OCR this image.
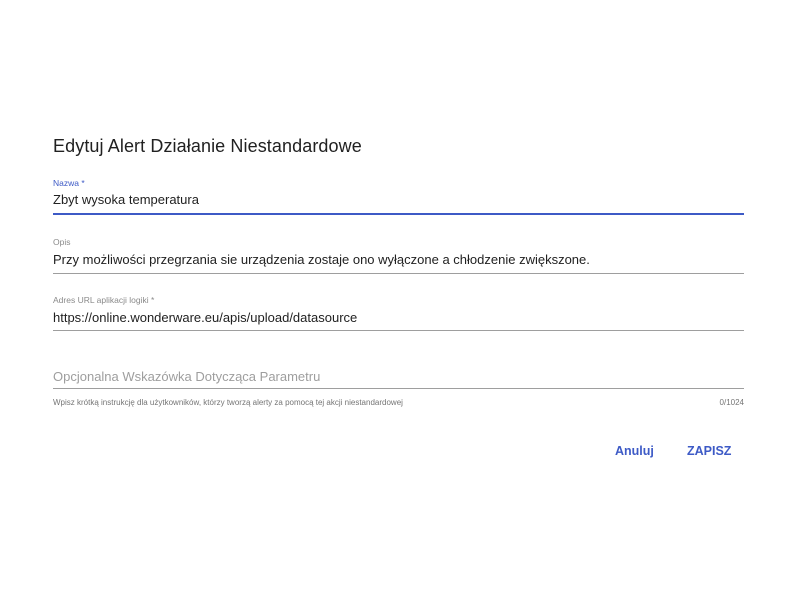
Edytuj Alert Działanie Niestandardowe
Nazwa *
Zbyt wysoka temperatura
Opis
Przy możliwości przegrzania sie urządzenia zostaje ono wyłączone a chłodzenie zwiększone.
Adres URL aplikacji logiki *
https://online.wonderware.eu/apis/upload/datasource
Opcjonalna Wskazówka Dotycząca Parametru
Wpisz krótką instrukcję dla użytkowników, którzy tworzą alerty za pomocą tej akcji niestandardowej	0/1024
Anuluj	ZAPISZ
